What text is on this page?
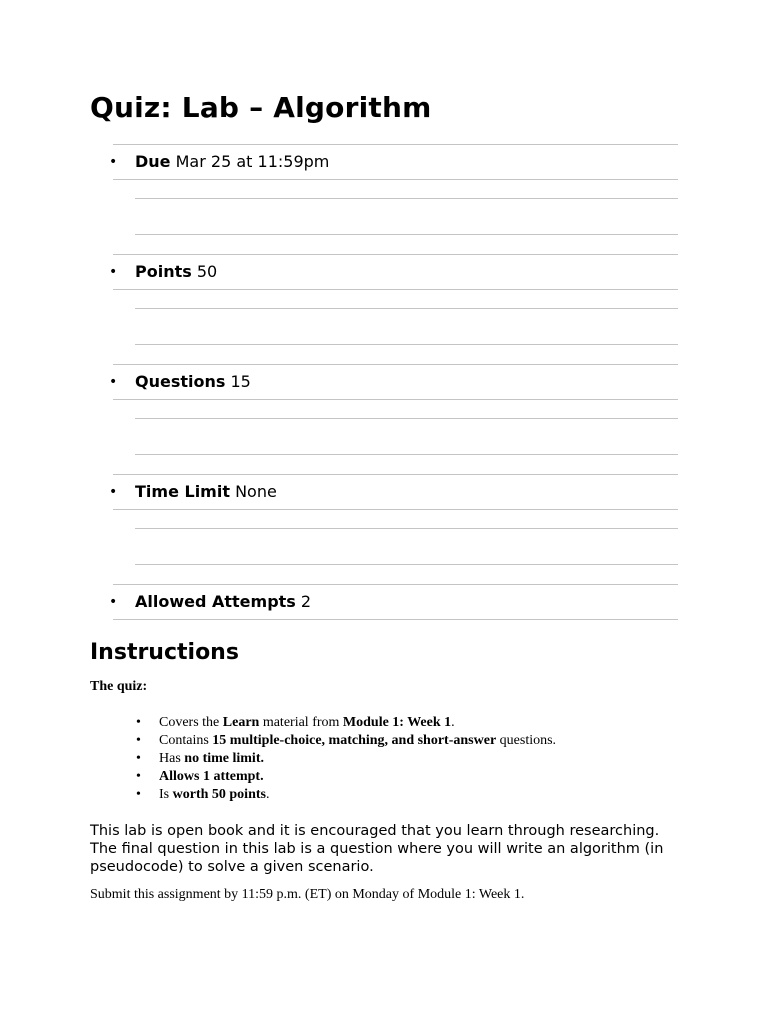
Quiz: Lab – Algorithm
• Due Mar 25 at 11:59pm
• Points 50
• Questions 15
• Time Limit None
• Allowed Attempts 2
Instructions

The quiz:

• Covers the Learn material from Module 1: Week 1.
• Contains 15 multiple-choice, matching, and short-answer questions.
• Has no time limit.
• Allows 1 attempt.
• Is worth 50 points.

This lab is open book and it is encouraged that you learn through researching. The final question in this lab is a question where you will write an algorithm (in pseudocode) to solve a given scenario.

Submit this assignment by 11:59 p.m. (ET) on Monday of Module 1: Week 1.
